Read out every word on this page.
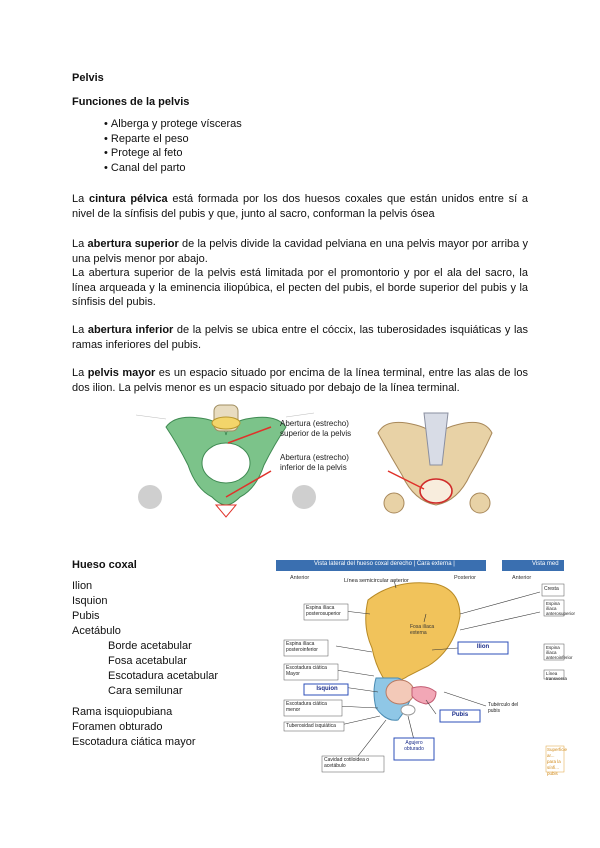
Pelvis
Funciones de la pelvis
• Alberga y protege vísceras
• Reparte el peso
• Protege al feto
• Canal del parto
La cintura pélvica está formada por los dos huesos coxales que están unidos entre sí a nivel de la sínfisis del pubis y que, junto al sacro, conforman la pelvis ósea
La abertura superior de la pelvis divide la cavidad pelviana en una pelvis mayor por arriba y una pelvis menor por abajo.
La abertura superior de la pelvis está limitada por el promontorio y por el ala del sacro, la línea arqueada y la eminencia iliopúbica, el pecten del pubis, el borde superior del pubis y la sínfisis del pubis.
La abertura inferior de la pelvis se ubica entre el cóccix, las tuberosidades isquiáticas y las ramas inferiores del pubis.
La pelvis mayor es un espacio situado por encima de la línea terminal, entre las alas de los dos ilion. La pelvis menor es un espacio situado por debajo de la línea terminal.
Abertura (estrecho) superior de la pelvis
Abertura (estrecho) inferior de la pelvis
Hueso coxal
Ilion
Isquion
Pubis
Acetábulo
Borde acetabular
Fosa acetabular
Escotadura acetabular
Cara semilunar
Rama isquiopubiana
Foramen obturado
Escotadura ciática mayor
Vista lateral del hueso coxal derecho | Cara externa |	Vista med
Anterior	Posterior	Anterior
Línea semicircular anterior
Espina ilíaca posterosuperior
Espina ilíaca posteroinferior
Escotadura ciática Mayor
Isquion
Escotadura ciática menor
Tuberosidad isquiática
Cavidad cotiloidea o acetábulo
Agujero obturado
Pubis
Ilion
Fosa ilíaca externa
Tubérculo del pubis
Cresta
Espina ilíaca anterosuperior
Espina ilíaca anteroinferior
Línea transversa
Superficie ar... para la sínfi... pubis
